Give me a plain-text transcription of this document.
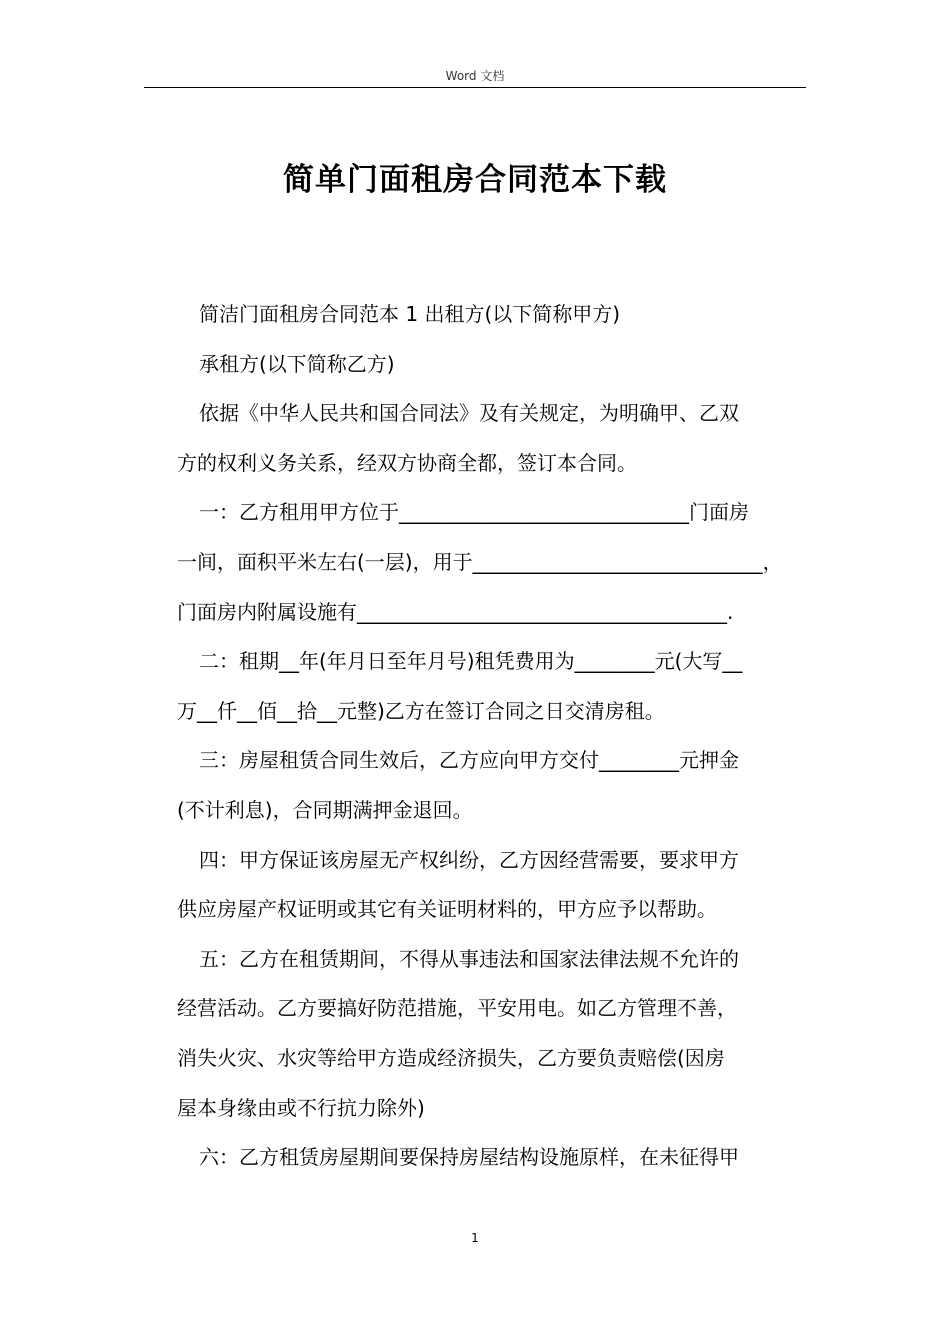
Word 文档
简单门面租房合同范本下载
简洁门面租房合同范本 1 出租方(以下简称甲方)
承租方(以下简称乙方)
依据《中华人民共和国合同法》及有关规定，为明确甲、乙双
方的权利义务关系，经双方协商全都，签订本合同。
一：乙方租用甲方位于_____________________________门面房
一间，面积平米左右(一层)，用于_____________________________，
门面房内附属设施有_____________________________________.
二：租期__年(年月日至年月号)租凭费用为________元(大写__
万__仟__佰__拾__元整)乙方在签订合同之日交清房租。
三：房屋租赁合同生效后，乙方应向甲方交付________元押金
(不计利息)，合同期满押金退回。
四：甲方保证该房屋无产权纠纷，乙方因经营需要，要求甲方
供应房屋产权证明或其它有关证明材料的，甲方应予以帮助。
五：乙方在租赁期间，不得从事违法和国家法律法规不允许的
经营活动。乙方要搞好防范措施，平安用电。如乙方管理不善，
消失火灾、水灾等给甲方造成经济损失，乙方要负责赔偿(因房
屋本身缘由或不行抗力除外)
六：乙方租赁房屋期间要保持房屋结构设施原样，在未征得甲
1
